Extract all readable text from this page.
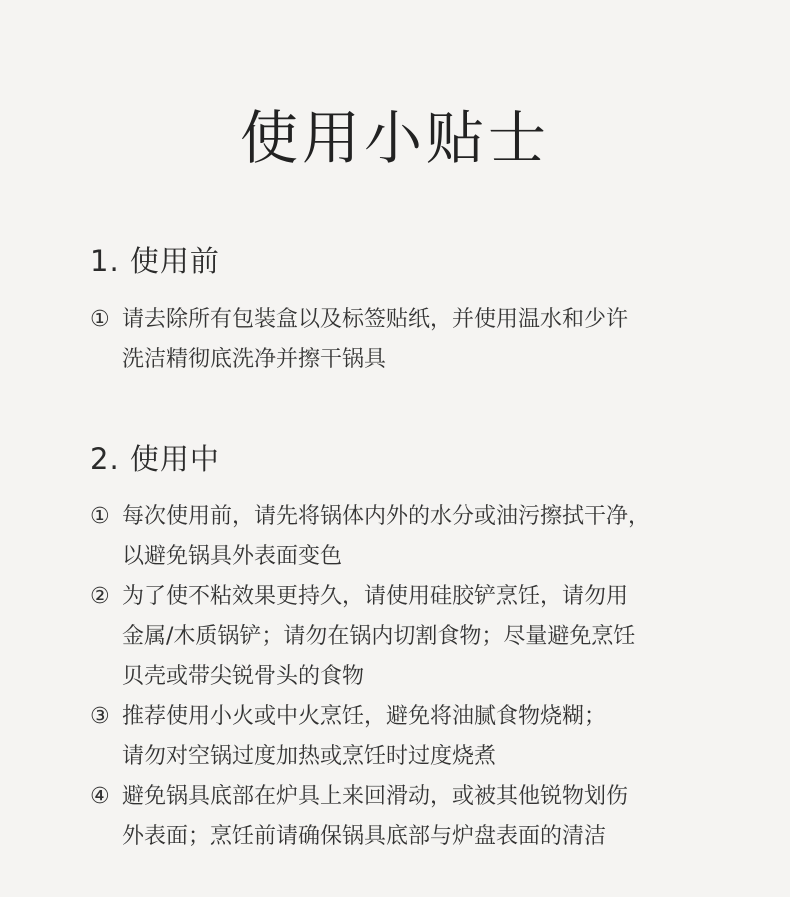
使用小贴士
1. 使用前
① 请去除所有包装盒以及标签贴纸，并使用温水和少许
洗洁精彻底洗净并擦干锅具
2. 使用中
① 每次使用前，请先将锅体内外的水分或油污擦拭干净，
以避免锅具外表面变色
② 为了使不粘效果更持久，请使用硅胶铲烹饪，请勿用
金属/木质锅铲；请勿在锅内切割食物；尽量避免烹饪
贝壳或带尖锐骨头的食物
③ 推荐使用小火或中火烹饪，避免将油腻食物烧糊；
请勿对空锅过度加热或烹饪时过度烧煮
④ 避免锅具底部在炉具上来回滑动，或被其他锐物划伤
外表面；烹饪前请确保锅具底部与炉盘表面的清洁
